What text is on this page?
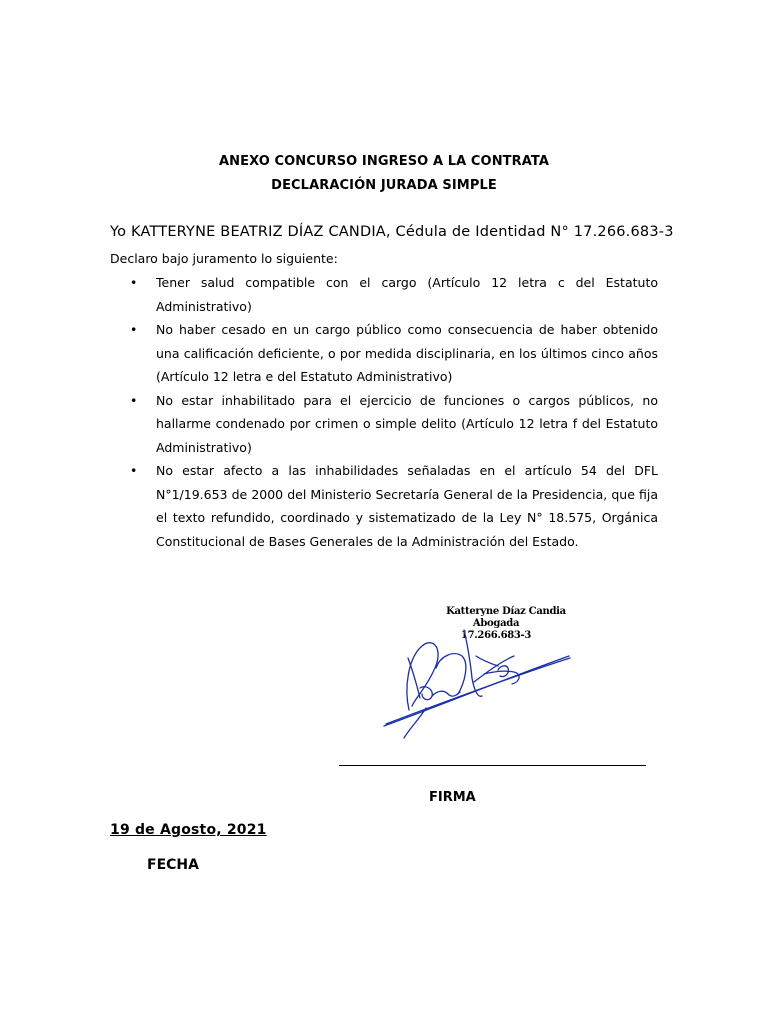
ANEXO CONCURSO INGRESO A LA CONTRATA
DECLARACIÓN JURADA SIMPLE
Yo KATTERYNE BEATRIZ DÍAZ CANDIA, Cédula de Identidad N° 17.266.683-3
Declaro bajo juramento lo siguiente:
• Tener salud compatible con el cargo (Artículo 12 letra c del Estatuto Administrativo)
• No haber cesado en un cargo público como consecuencia de haber obtenido una calificación deficiente, o por medida disciplinaria, en los últimos cinco años (Artículo 12 letra e del Estatuto Administrativo)
• No estar inhabilitado para el ejercicio de funciones o cargos públicos, no hallarme condenado por crimen o simple delito (Artículo 12 letra f del Estatuto Administrativo)
• No estar afecto a las inhabilidades señaladas en el artículo 54 del DFL N°1/19.653 de 2000 del Ministerio Secretaría General de la Presidencia, que fija el texto refundido, coordinado y sistematizado de la Ley N° 18.575, Orgánica Constitucional de Bases Generales de la Administración del Estado.
Katteryne Díaz Candia
Abogada
17.266.683-3
FIRMA
19 de Agosto, 2021
FECHA
